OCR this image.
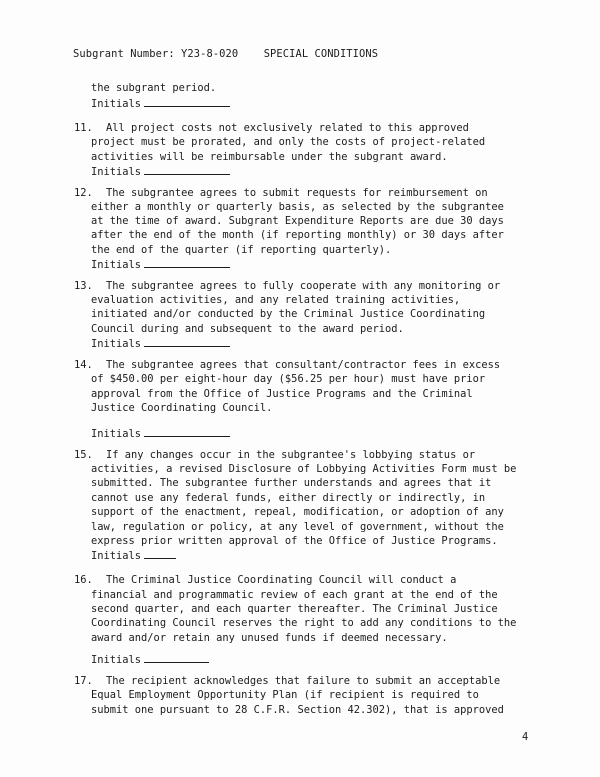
Subgrant Number: Y23-8-020 SPECIAL CONDITIONS
the subgrant period.
Initials
11. All project costs not exclusively related to this approved
project must be prorated, and only the costs of project-related
activities will be reimbursable under the subgrant award.
Initials
12. The subgrantee agrees to submit requests for reimbursement on
either a monthly or quarterly basis, as selected by the subgrantee
at the time of award. Subgrant Expenditure Reports are due 30 days
after the end of the month (if reporting monthly) or 30 days after
the end of the quarter (if reporting quarterly).
Initials
13. The subgrantee agrees to fully cooperate with any monitoring or
evaluation activities, and any related training activities,
initiated and/or conducted by the Criminal Justice Coordinating
Council during and subsequent to the award period.
Initials
14. The subgrantee agrees that consultant/contractor fees in excess
of $450.00 per eight-hour day ($56.25 per hour) must have prior
approval from the Office of Justice Programs and the Criminal
Justice Coordinating Council.
Initials
15. If any changes occur in the subgrantee's lobbying status or
activities, a revised Disclosure of Lobbying Activities Form must be
submitted. The subgrantee further understands and agrees that it
cannot use any federal funds, either directly or indirectly, in
support of the enactment, repeal, modification, or adoption of any
law, regulation or policy, at any level of government, without the
express prior written approval of the Office of Justice Programs.
Initials
16. The Criminal Justice Coordinating Council will conduct a
financial and programmatic review of each grant at the end of the
second quarter, and each quarter thereafter. The Criminal Justice
Coordinating Council reserves the right to add any conditions to the
award and/or retain any unused funds if deemed necessary.
Initials
17. The recipient acknowledges that failure to submit an acceptable
Equal Employment Opportunity Plan (if recipient is required to
submit one pursuant to 28 C.F.R. Section 42.302), that is approved
4
